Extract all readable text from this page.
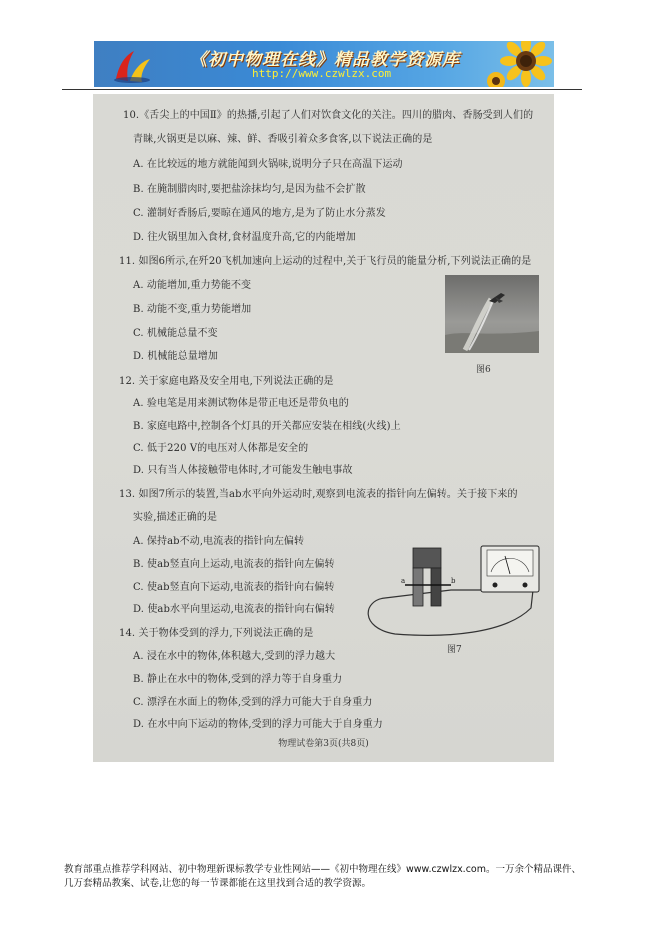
《初中物理在线》精品教学资源库
http://www.czwlzx.com
10.《舌尖上的中国Ⅱ》的热播,引起了人们对饮食文化的关注。四川的腊肉、香肠受到人们的
青睐,火锅更是以麻、辣、鲜、香吸引着众多食客,以下说法正确的是
A. 在比较远的地方就能闻到火锅味,说明分子只在高温下运动
B. 在腌制腊肉时,要把盐涂抹均匀,是因为盐不会扩散
C. 灌制好香肠后,要晾在通风的地方,是为了防止水分蒸发
D. 往火锅里加入食材,食材温度升高,它的内能增加
11. 如图6所示,在歼20飞机加速向上运动的过程中,关于飞行员的能量分析,下列说法正确的是
A. 动能增加,重力势能不变
B. 动能不变,重力势能增加
C. 机械能总量不变
D. 机械能总量增加
图6
12. 关于家庭电路及安全用电,下列说法正确的是
A. 验电笔是用来测试物体是带正电还是带负电的
B. 家庭电路中,控制各个灯具的开关都应安装在相线(火线)上
C. 低于220 V的电压对人体都是安全的
D. 只有当人体接触带电体时,才可能发生触电事故
13. 如图7所示的装置,当ab水平向外运动时,观察到电流表的指针向左偏转。关于接下来的
实验,描述正确的是
A. 保持ab不动,电流表的指针向左偏转
B. 使ab竖直向上运动,电流表的指针向左偏转
C. 使ab竖直向下运动,电流表的指针向右偏转
D. 使ab水平向里运动,电流表的指针向右偏转
a	b
图7
14. 关于物体受到的浮力,下列说法正确的是
A. 浸在水中的物体,体积越大,受到的浮力越大
B. 静止在水中的物体,受到的浮力等于自身重力
C. 漂浮在水面上的物体,受到的浮力可能大于自身重力
D. 在水中向下运动的物体,受到的浮力可能大于自身重力
物理试卷第3页(共8页)
教育部重点推荐学科网站、初中物理新课标教学专业性网站——《初中物理在线》www.czwlzx.com。一万余个精品课件、
几万套精品教案、试卷,让您的每一节课都能在这里找到合适的教学资源。
